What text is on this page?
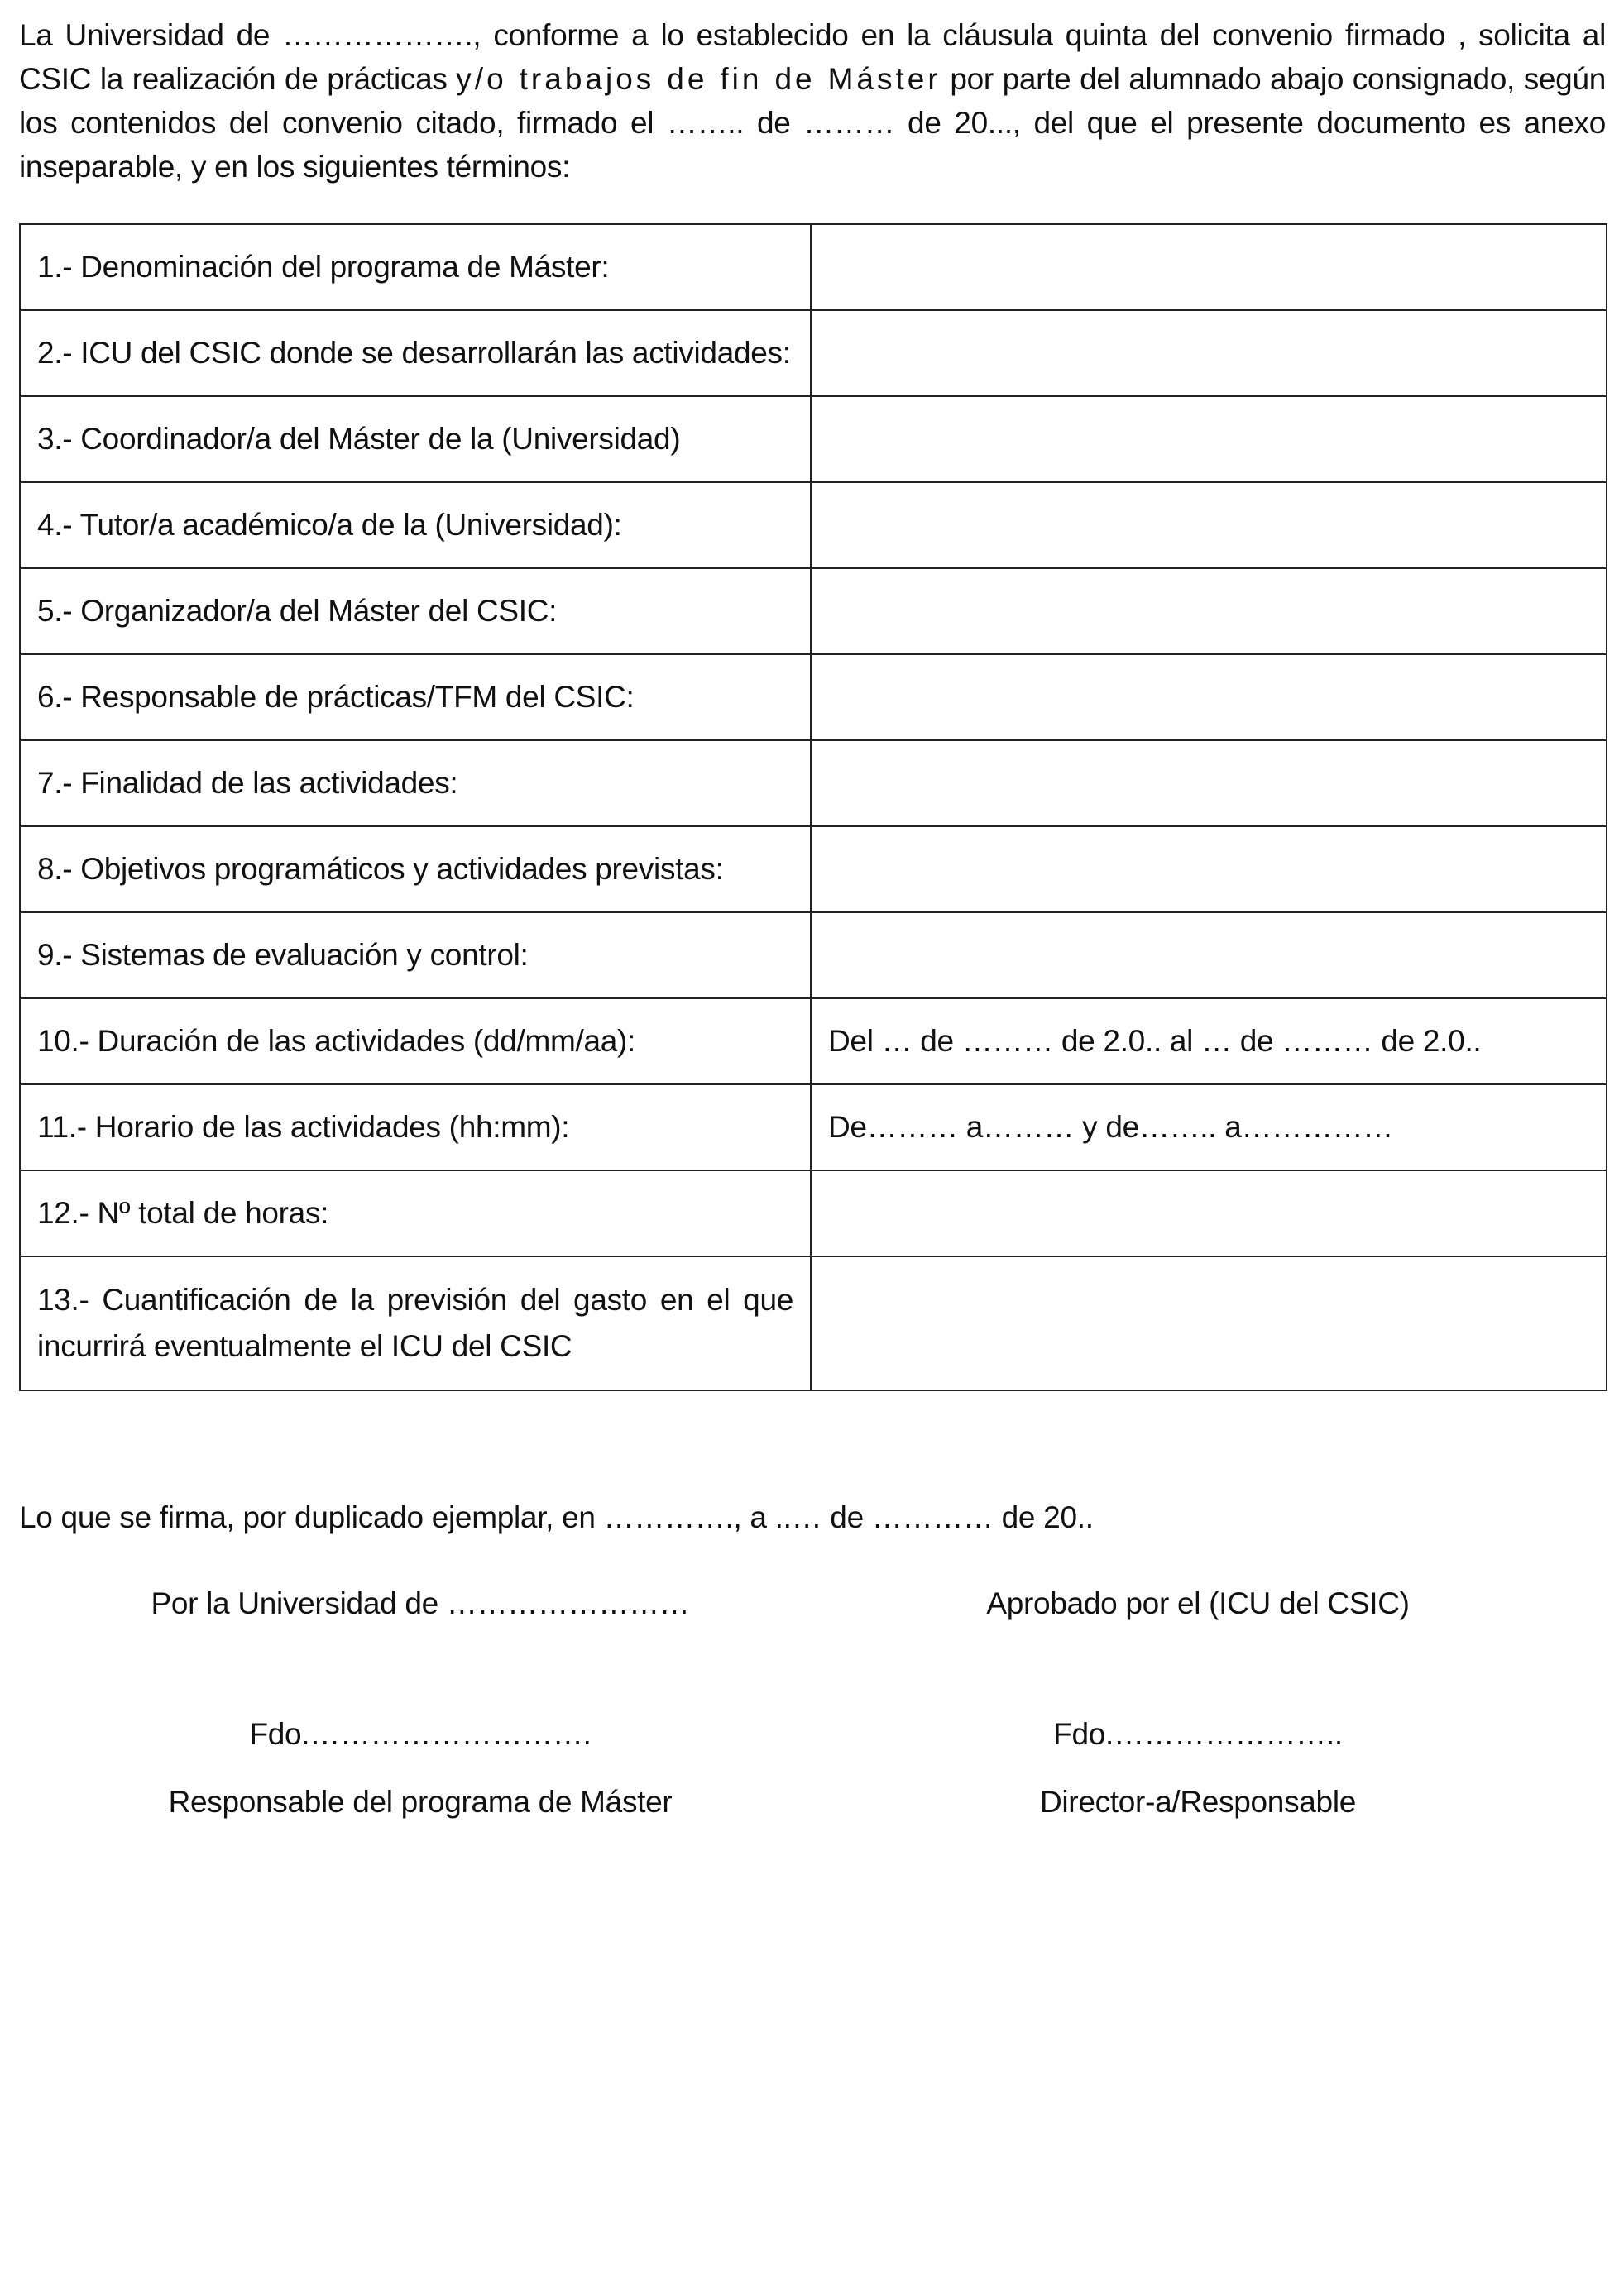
La Universidad de ………………., conforme a lo establecido en la cláusula quinta del convenio firmado , solicita al CSIC la realización de prácticas y/o trabajos de fin de Máster por parte del alumnado abajo consignado, según los contenidos del convenio citado, firmado el …….. de ……… de 20..., del que el presente documento es anexo inseparable, y en los siguientes términos:

1.- Denominación del programa de Máster:	
2.- ICU del CSIC donde se desarrollarán las actividades:	
3.- Coordinador/a del Máster de la (Universidad)	
4.- Tutor/a académico/a de la (Universidad):	
5.- Organizador/a del Máster del CSIC:	
6.- Responsable de prácticas/TFM del CSIC:	
7.- Finalidad de las actividades:	
8.- Objetivos programáticos y actividades previstas:	
9.- Sistemas de evaluación y control:	
10.- Duración de las actividades (dd/mm/aa):	Del … de ……… de 2.0.. al … de ……… de 2.0..
11.- Horario de las actividades (hh:mm):	De……… a……… y de…….. a……………
12.- Nº total de horas:	
13.- Cuantificación de la previsión del gasto en el que incurrirá eventualmente el ICU del CSIC	
Lo que se firma, por duplicado ejemplar, en …………., a ..… de ………… de 20..
Por la Universidad de ……………………	Aprobado por el (ICU del CSIC)
Fdo.……………………….	Fdo.…………………..
Responsable del programa de Máster	Director-a/Responsable
